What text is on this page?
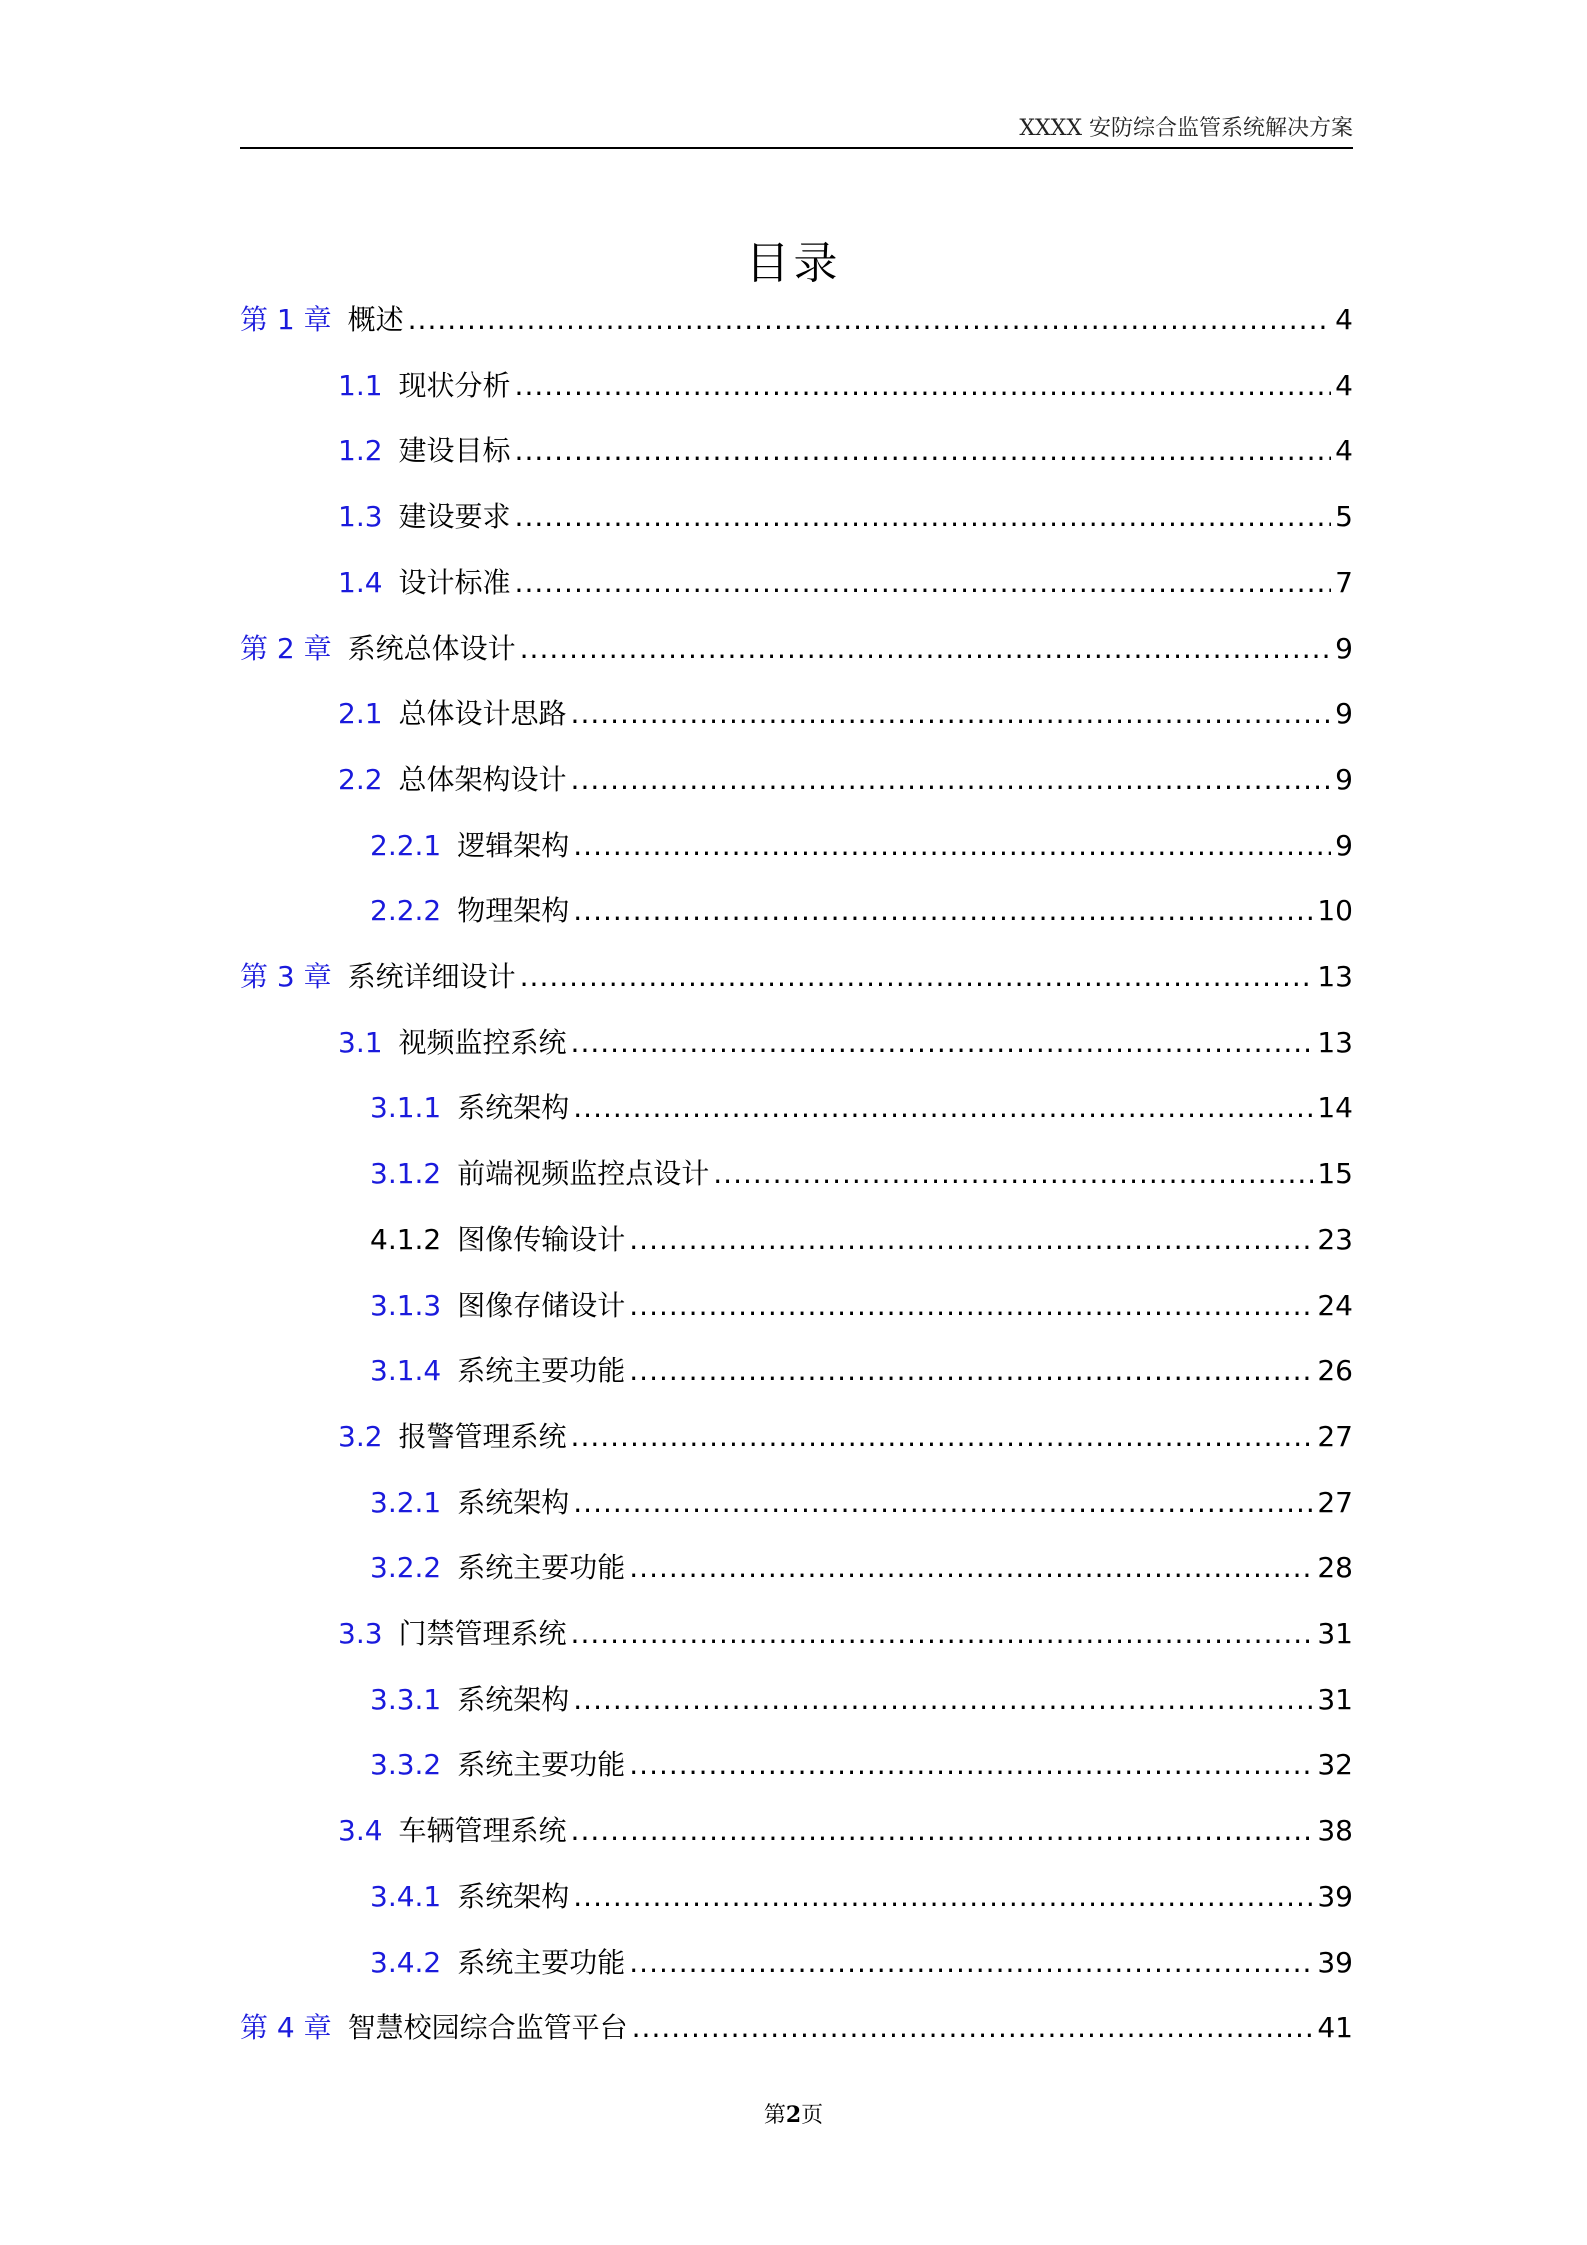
XXXX 安防综合监管系统解决方案
目录
第 1 章 概述 .....	4
1.1 现状分析 .....	4
1.2 建设目标 .....	4
1.3 建设要求 .....	5
1.4 设计标准 .....	7
第 2 章 系统总体设计 .....	9
2.1 总体设计思路 .....	9
2.2 总体架构设计 .....	9
2.2.1 逻辑架构 .....	9
2.2.2 物理架构 .....	10
第 3 章 系统详细设计 .....	13
3.1 视频监控系统 .....	13
3.1.1 系统架构 .....	14
3.1.2 前端视频监控点设计 .....	15
4.1.2 图像传输设计 .....	23
3.1.3 图像存储设计 .....	24
3.1.4 系统主要功能 .....	26
3.2 报警管理系统 .....	27
3.2.1 系统架构 .....	27
3.2.2 系统主要功能 .....	28
3.3 门禁管理系统 .....	31
3.3.1 系统架构 .....	31
3.3.2 系统主要功能 .....	32
3.4 车辆管理系统 .....	38
3.4.1 系统架构 .....	39
3.4.2 系统主要功能 .....	39
第 4 章 智慧校园综合监管平台 .....	41
第2页
